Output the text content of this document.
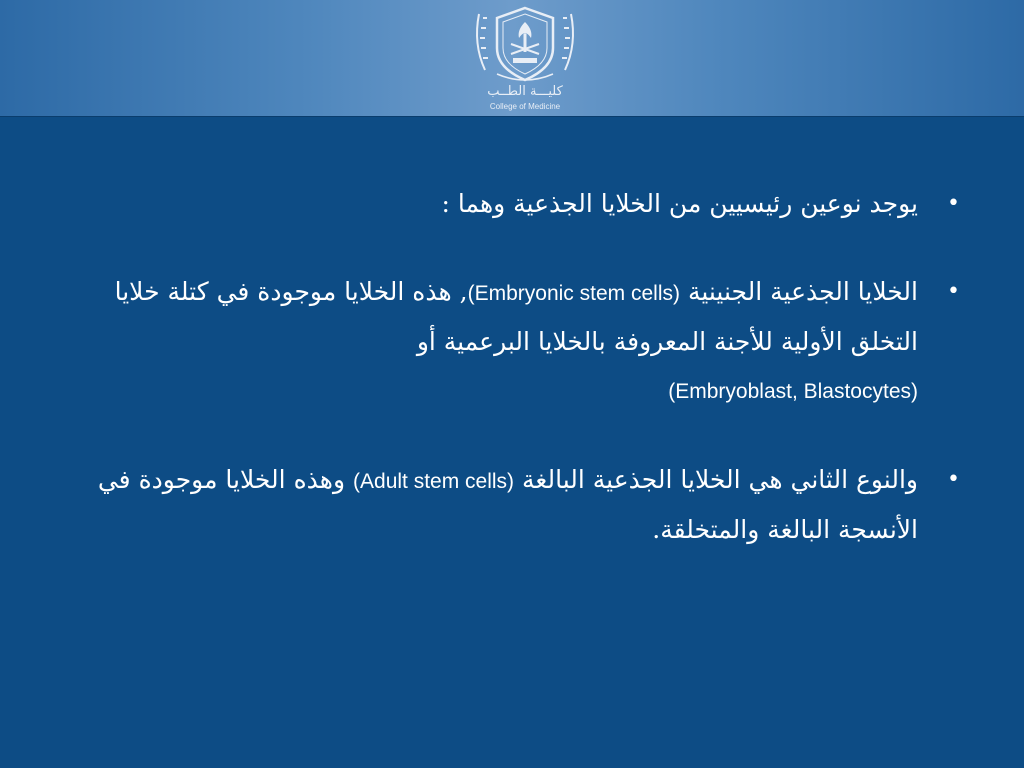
كليـــة الطــب
College of Medicine
•
يوجد نوعين رئيسيين من الخلايا الجذعية وهما :
•
الخلايا الجذعية الجنينية (Embryonic stem cells), هذه الخلايا موجودة في كتلة خلايا التخلق الأولية للأجنة المعروفة بالخلايا البرعمية أو
(Embryoblast, Blastocytes)
•
والنوع الثاني هي الخلايا الجذعية البالغة (Adult stem cells) وهذه الخلايا موجودة في الأنسجة البالغة والمتخلقة.
